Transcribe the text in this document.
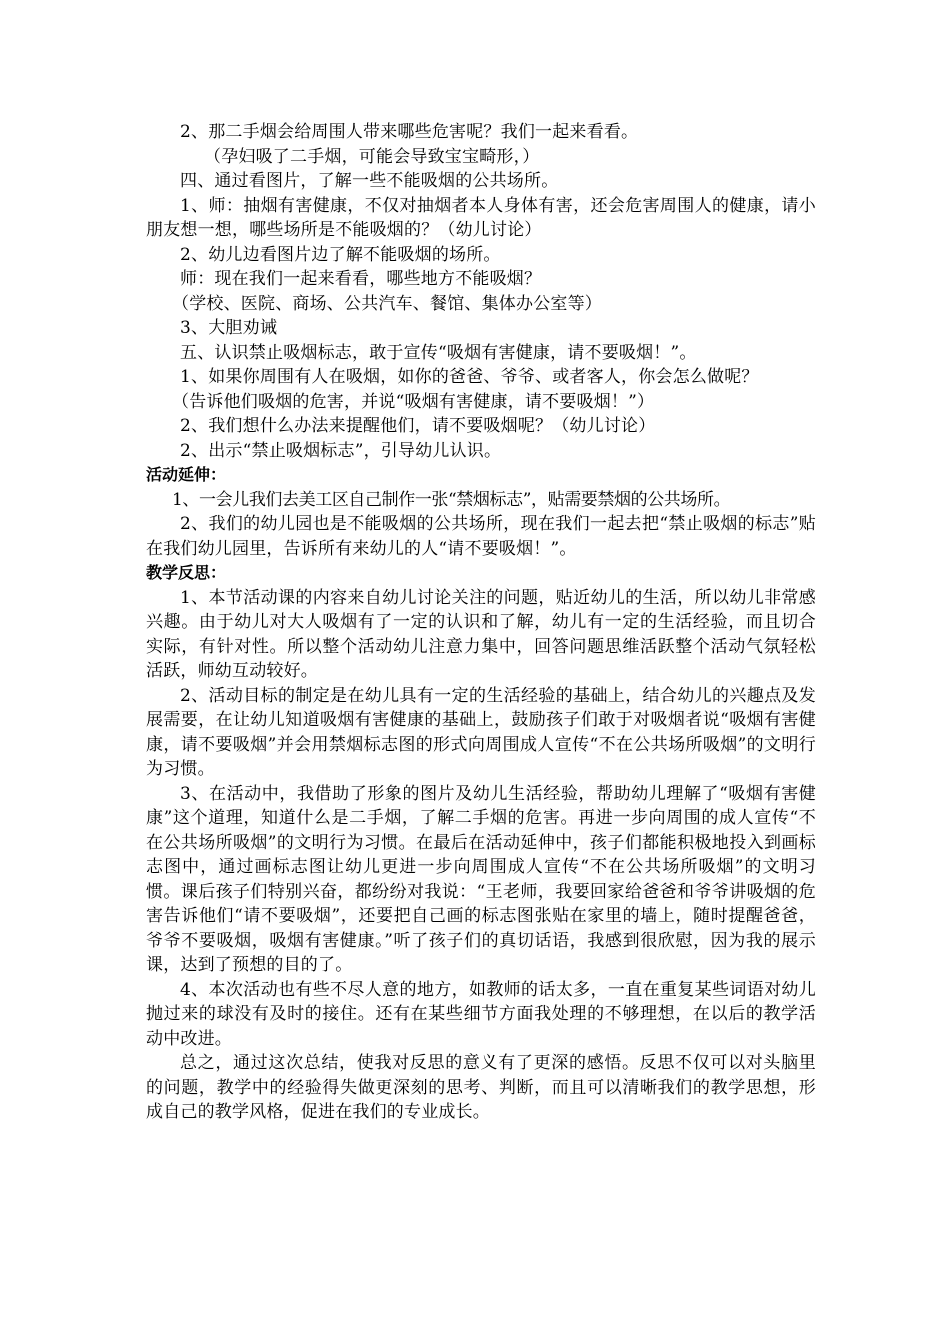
2、那二手烟会给周围人带来哪些危害呢？我们一起来看看。
（孕妇吸了二手烟，可能会导致宝宝畸形，）
四、通过看图片，了解一些不能吸烟的公共场所。
1、师：抽烟有害健康，不仅对抽烟者本人身体有害，还会危害周围人的健康，请小朋友想一想，哪些场所是不能吸烟的？（幼儿讨论）
2、幼儿边看图片边了解不能吸烟的场所。
师：现在我们一起来看看，哪些地方不能吸烟？
（学校、医院、商场、公共汽车、餐馆、集体办公室等）
3、大胆劝诫
五、认识禁止吸烟标志，敢于宣传“吸烟有害健康，请不要吸烟！”。
1、如果你周围有人在吸烟，如你的爸爸、爷爷、或者客人，你会怎么做呢？
（告诉他们吸烟的危害，并说“吸烟有害健康，请不要吸烟！”）
2、我们想什么办法来提醒他们，请不要吸烟呢？（幼儿讨论）
2、出示“禁止吸烟标志”，引导幼儿认识。
活动延伸：
1、一会儿我们去美工区自己制作一张“禁烟标志”，贴需要禁烟的公共场所。
2、我们的幼儿园也是不能吸烟的公共场所，现在我们一起去把“禁止吸烟的标志”贴在我们幼儿园里，告诉所有来幼儿的人“请不要吸烟！”。
教学反思：
1、本节活动课的内容来自幼儿讨论关注的问题，贴近幼儿的生活，所以幼儿非常感兴趣。由于幼儿对大人吸烟有了一定的认识和了解，幼儿有一定的生活经验，而且切合实际，有针对性。所以整个活动幼儿注意力集中，回答问题思维活跃整个活动气氛轻松活跃，师幼互动较好。
2、活动目标的制定是在幼儿具有一定的生活经验的基础上，结合幼儿的兴趣点及发展需要，在让幼儿知道吸烟有害健康的基础上，鼓励孩子们敢于对吸烟者说“吸烟有害健康，请不要吸烟”并会用禁烟标志图的形式向周围成人宣传“不在公共场所吸烟”的文明行为习惯。
3、在活动中，我借助了形象的图片及幼儿生活经验，帮助幼儿理解了“吸烟有害健康”这个道理，知道什么是二手烟，了解二手烟的危害。再进一步向周围的成人宣传“不在公共场所吸烟”的文明行为习惯。在最后在活动延伸中，孩子们都能积极地投入到画标志图中，通过画标志图让幼儿更进一步向周围成人宣传“不在公共场所吸烟”的文明习惯。课后孩子们特别兴奋，都纷纷对我说：“王老师，我要回家给爸爸和爷爷讲吸烟的危害告诉他们“请不要吸烟”，还要把自己画的标志图张贴在家里的墙上，随时提醒爸爸，爷爷不要吸烟，吸烟有害健康。”听了孩子们的真切话语，我感到很欣慰，因为我的展示课，达到了预想的目的了。
4、本次活动也有些不尽人意的地方，如教师的话太多，一直在重复某些词语对幼儿抛过来的球没有及时的接住。还有在某些细节方面我处理的不够理想，在以后的教学活动中改进。
总之，通过这次总结，使我对反思的意义有了更深的感悟。反思不仅可以对头脑里的问题，教学中的经验得失做更深刻的思考、判断，而且可以清晰我们的教学思想，形成自己的教学风格，促进在我们的专业成长。
